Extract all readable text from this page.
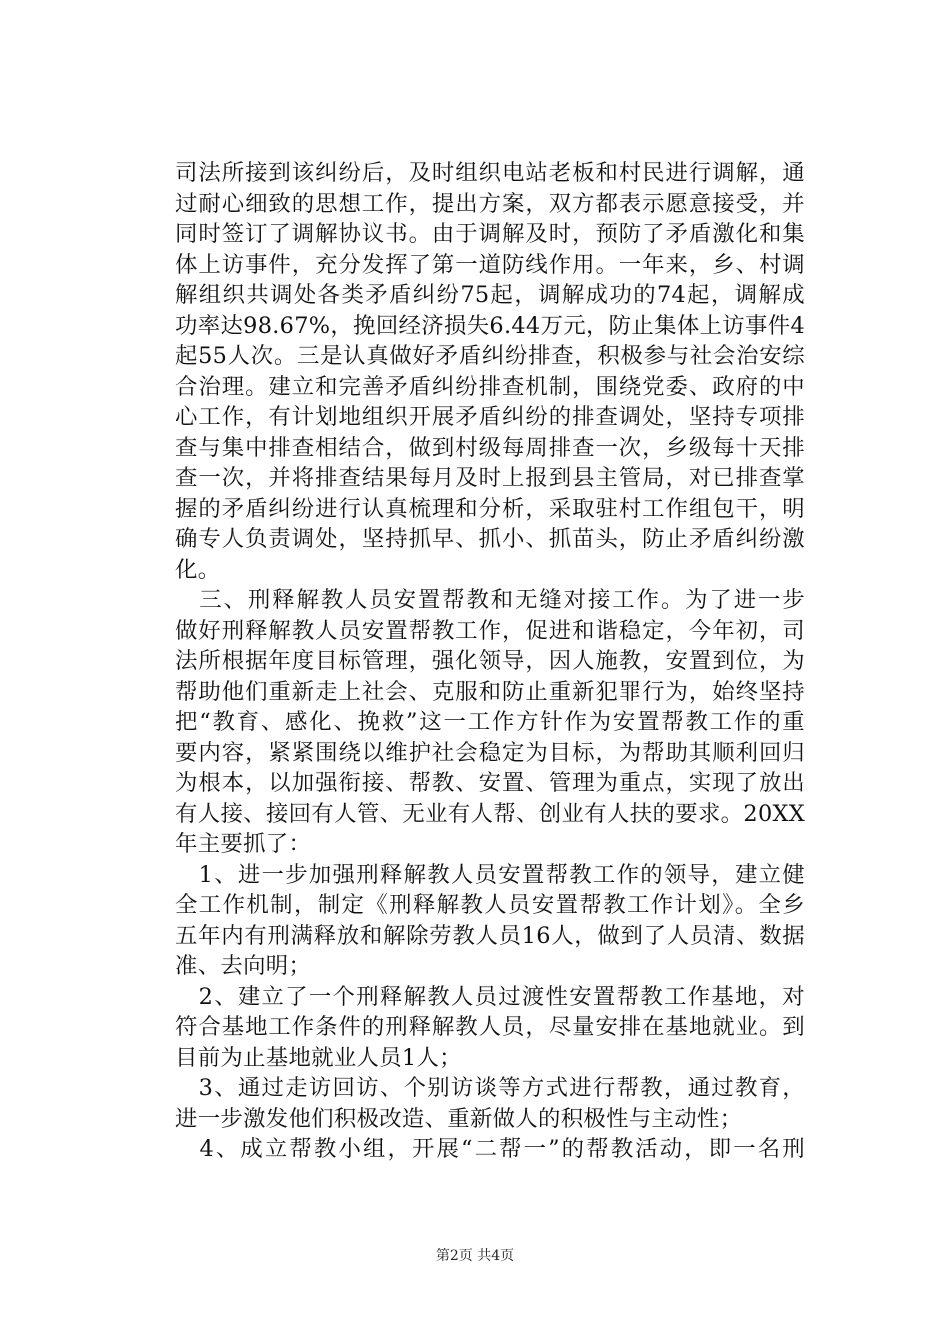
司法所接到该纠纷后，及时组织电站老板和村民进行调解，通
过耐心细致的思想工作，提出方案，双方都表示愿意接受，并
同时签订了调解协议书。由于调解及时，预防了矛盾激化和集
体上访事件，充分发挥了第一道防线作用。一年来，乡、村调
解组织共调处各类矛盾纠纷75起，调解成功的74起，调解成
功率达98.67%，挽回经济损失6.44万元，防止集体上访事件4
起55人次。三是认真做好矛盾纠纷排查，积极参与社会治安综
合治理。建立和完善矛盾纠纷排查机制，围绕党委、政府的中
心工作，有计划地组织开展矛盾纠纷的排查调处，坚持专项排
查与集中排查相结合，做到村级每周排查一次，乡级每十天排
查一次，并将排查结果每月及时上报到县主管局，对已排查掌
握的矛盾纠纷进行认真梳理和分析，采取驻村工作组包干，明
确专人负责调处，坚持抓早、抓小、抓苗头，防止矛盾纠纷激
化。
　三、刑释解教人员安置帮教和无缝对接工作。为了进一步
做好刑释解教人员安置帮教工作，促进和谐稳定，今年初，司
法所根据年度目标管理，强化领导，因人施教，安置到位，为
帮助他们重新走上社会、克服和防止重新犯罪行为，始终坚持
把“教育、感化、挽救”这一工作方针作为安置帮教工作的重
要内容，紧紧围绕以维护社会稳定为目标，为帮助其顺利回归
为根本，以加强衔接、帮教、安置、管理为重点，实现了放出
有人接、接回有人管、无业有人帮、创业有人扶的要求。20XX
年主要抓了：
　1、进一步加强刑释解教人员安置帮教工作的领导，建立健
全工作机制，制定《刑释解教人员安置帮教工作计划》。全乡
五年内有刑满释放和解除劳教人员16人，做到了人员清、数据
准、去向明；
　2、建立了一个刑释解教人员过渡性安置帮教工作基地，对
符合基地工作条件的刑释解教人员，尽量安排在基地就业。到
目前为止基地就业人员1人；
　3、通过走访回访、个别访谈等方式进行帮教，通过教育，
进一步激发他们积极改造、重新做人的积极性与主动性；
　4、成立帮教小组，开展“二帮一”的帮教活动，即一名刑
第2页 共4页
